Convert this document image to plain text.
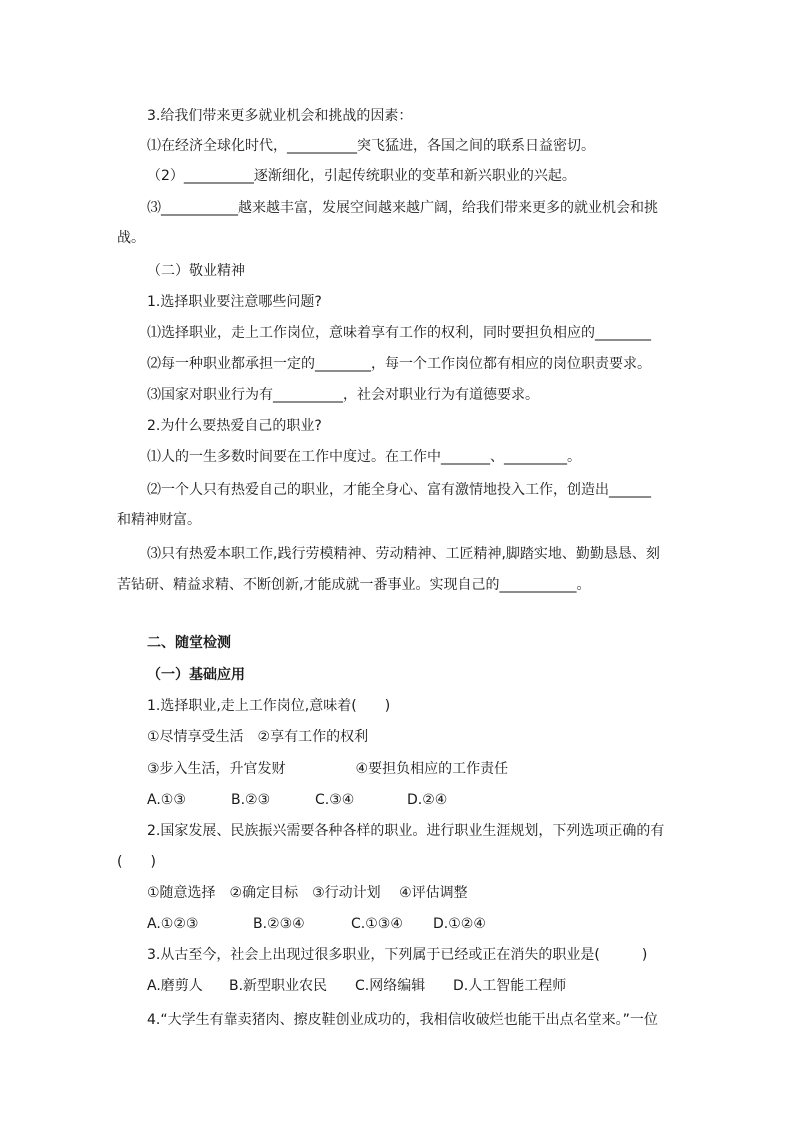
3.给我们带来更多就业机会和挑战的因素：
⑴在经济全球化时代，__________突飞猛进，各国之间的联系日益密切。
（2）__________逐渐细化，引起传统职业的变革和新兴职业的兴起。
⑶___________越来越丰富，发展空间越来越广阔，给我们带来更多的就业机会和挑
战。
（二）敬业精神
1.选择职业要注意哪些问题?
⑴选择职业，走上工作岗位，意味着享有工作的权利，同时要担负相应的________
⑵每一种职业都承担一定的________，每一个工作岗位都有相应的岗位职责要求。
⑶国家对职业行为有__________，社会对职业行为有道德要求。
2.为什么要热爱自己的职业?
⑴人的一生多数时间要在工作中度过。在工作中_______、_________。
⑵一个人只有热爱自己的职业，才能全身心、富有激情地投入工作，创造出______
和精神财富。
⑶只有热爱本职工作,践行劳模精神、劳动精神、工匠精神,脚踏实地、勤勤恳恳、刻
苦钻研、精益求精、不断创新,才能成就一番事业。实现自己的___________。
二、随堂检测
（一）基础应用
1.选择职业,走上工作岗位,意味着(　　)
①尽情享受生活　②享有工作的权利
③步入生活，升官发财　　　　　④要担负相应的工作责任
A.①③	B.②③	C.③④	D.②④
2.国家发展、民族振兴需要各种各样的职业。进行职业生涯规划，下列选项正确的有
(　　)
①随意选择　②确定目标　③行动计划　 ④评估调整
A.①②③	B.②③④	C.①③④ D.①②④
3.从古至今，社会上出现过很多职业，下列属于已经或正在消失的职业是(　　　)
A.磨剪人 B.新型职业农民 C.网络编辑 D.人工智能工程师
4.“大学生有靠卖猪肉、擦皮鞋创业成功的，我相信收破烂也能干出点名堂来。”一位
